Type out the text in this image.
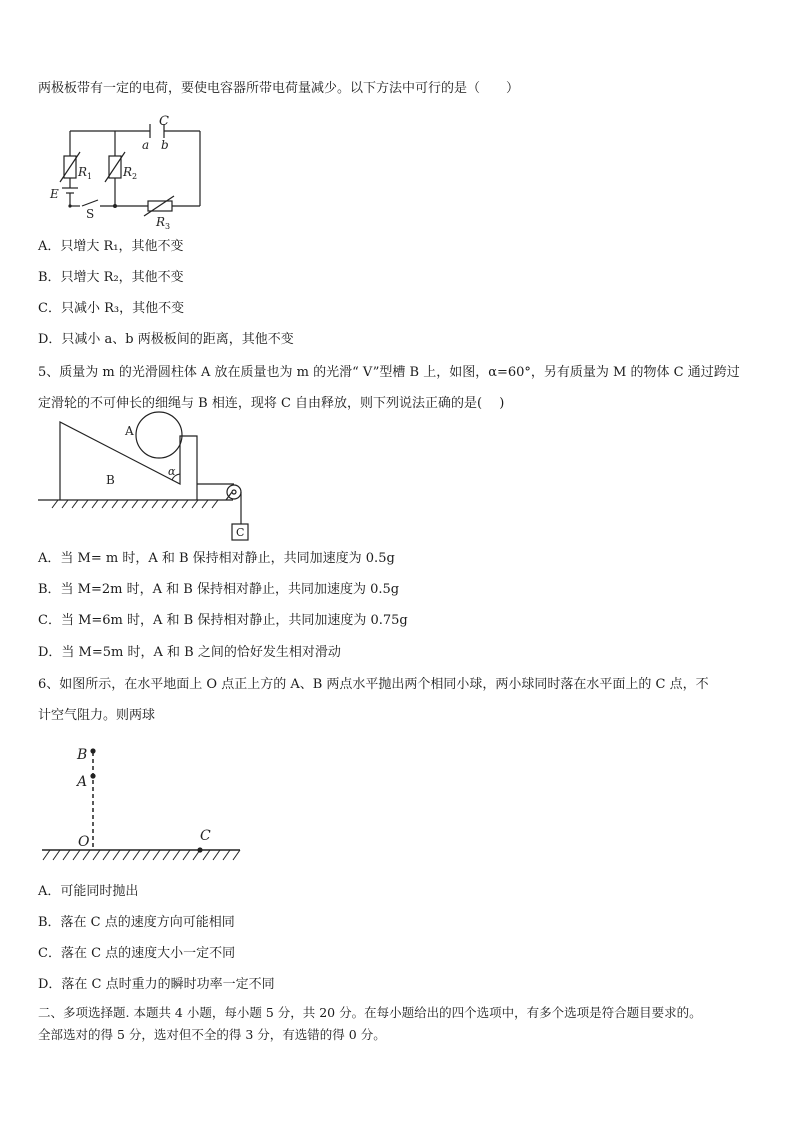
两极板带有一定的电荷，要使电容器所带电荷量减少。以下方法中可行的是（　　）
C
a b
$R_1$	$R_2$
$R_3$
E
S
A．只增大 R₁，其他不变
B．只增大 R₂，其他不变
C．只减小 R₃，其他不变
D．只减小 a、b 两极板间的距离，其他不变
5、质量为 m 的光滑圆柱体 A 放在质量也为 m 的光滑“ V”型槽 B 上，如图，α=60°，另有质量为 M 的物体 C 通过跨过
定滑轮的不可伸长的细绳与 B 相连，现将 C 自由释放，则下列说法正确的是(　 )
A
B
α
C
A．当 M= m 时，A 和 B 保持相对静止，共同加速度为 0.5g
B．当 M=2m 时，A 和 B 保持相对静止，共同加速度为 0.5g
C．当 M=6m 时，A 和 B 保持相对静止，共同加速度为 0.75g
D．当 M=5m 时，A 和 B 之间的恰好发生相对滑动
6、如图所示，在水平地面上 O 点正上方的 A、B 两点水平抛出两个相同小球，两小球同时落在水平面上的 C 点，不
计空气阻力。则两球
B
A
O	C
A．可能同时抛出
B．落在 C 点的速度方向可能相同
C．落在 C 点的速度大小一定不同
D．落在 C 点时重力的瞬时功率一定不同
二、多项选择题. 本题共 4 小题，每小题 5 分，共 20 分。在每小题给出的四个选项中，有多个选项是符合题目要求的。
全部选对的得 5 分，选对但不全的得 3 分，有选错的得 0 分。
